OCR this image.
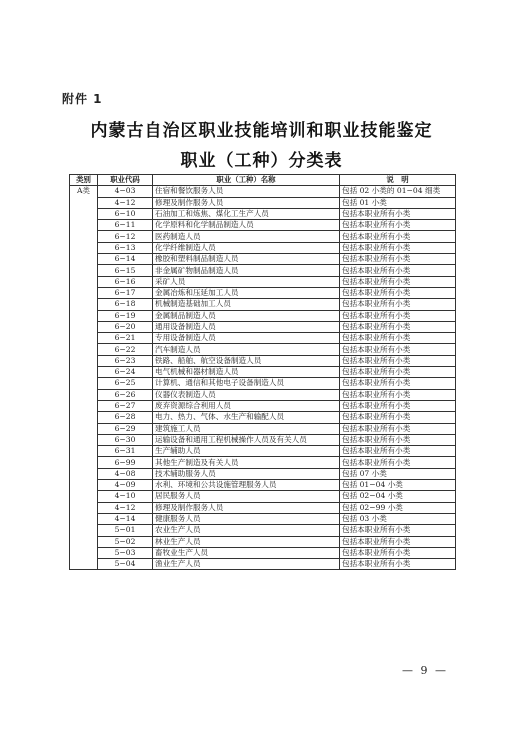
附件 1
内蒙古自治区职业技能培训和职业技能鉴定
职业（工种）分类表
类别	职业代码	职业（工种）名称	说　明
A类	4−03	住宿和餐饮服务人员	包括 02 小类的 01−04 细类
	4−12	修理及制作服务人员	包括 01 小类
	6−10	石油加工和炼焦、煤化工生产人员	包括本职业所有小类
	6−11	化学原料和化学制品制造人员	包括本职业所有小类
	6−12	医药制造人员	包括本职业所有小类
	6−13	化学纤维制造人员	包括本职业所有小类
	6−14	橡胶和塑料制品制造人员	包括本职业所有小类
	6−15	非金属矿物制品制造人员	包括本职业所有小类
	6−16	采矿人员	包括本职业所有小类
	6−17	金属冶炼和压延加工人员	包括本职业所有小类
	6−18	机械制造基础加工人员	包括本职业所有小类
	6−19	金属制品制造人员	包括本职业所有小类
	6−20	通用设备制造人员	包括本职业所有小类
	6−21	专用设备制造人员	包括本职业所有小类
	6−22	汽车制造人员	包括本职业所有小类
	6−23	铁路、船舶、航空设备制造人员	包括本职业所有小类
	6−24	电气机械和器材制造人员	包括本职业所有小类
	6−25	计算机、通信和其他电子设备制造人员	包括本职业所有小类
	6−26	仪器仪表制造人员	包括本职业所有小类
	6−27	废弃资源综合利用人员	包括本职业所有小类
	6−28	电力、热力、气体、水生产和输配人员	包括本职业所有小类
	6−29	建筑施工人员	包括本职业所有小类
	6−30	运输设备和通用工程机械操作人员及有关人员	包括本职业所有小类
	6−31	生产辅助人员	包括本职业所有小类
	6−99	其他生产制造及有关人员	包括本职业所有小类
	4−08	技术辅助服务人员	包括 07 小类
	4−09	水利、环境和公共设施管理服务人员	包括 01−04 小类
	4−10	居民服务人员	包括 02−04 小类
	4−12	修理及制作服务人员	包括 02−99 小类
	4−14	健康服务人员	包括 03 小类
	5−01	农业生产人员	包括本职业所有小类
	5−02	林业生产人员	包括本职业所有小类
	5−03	畜牧业生产人员	包括本职业所有小类
	5−04	渔业生产人员	包括本职业所有小类
— 9 —
